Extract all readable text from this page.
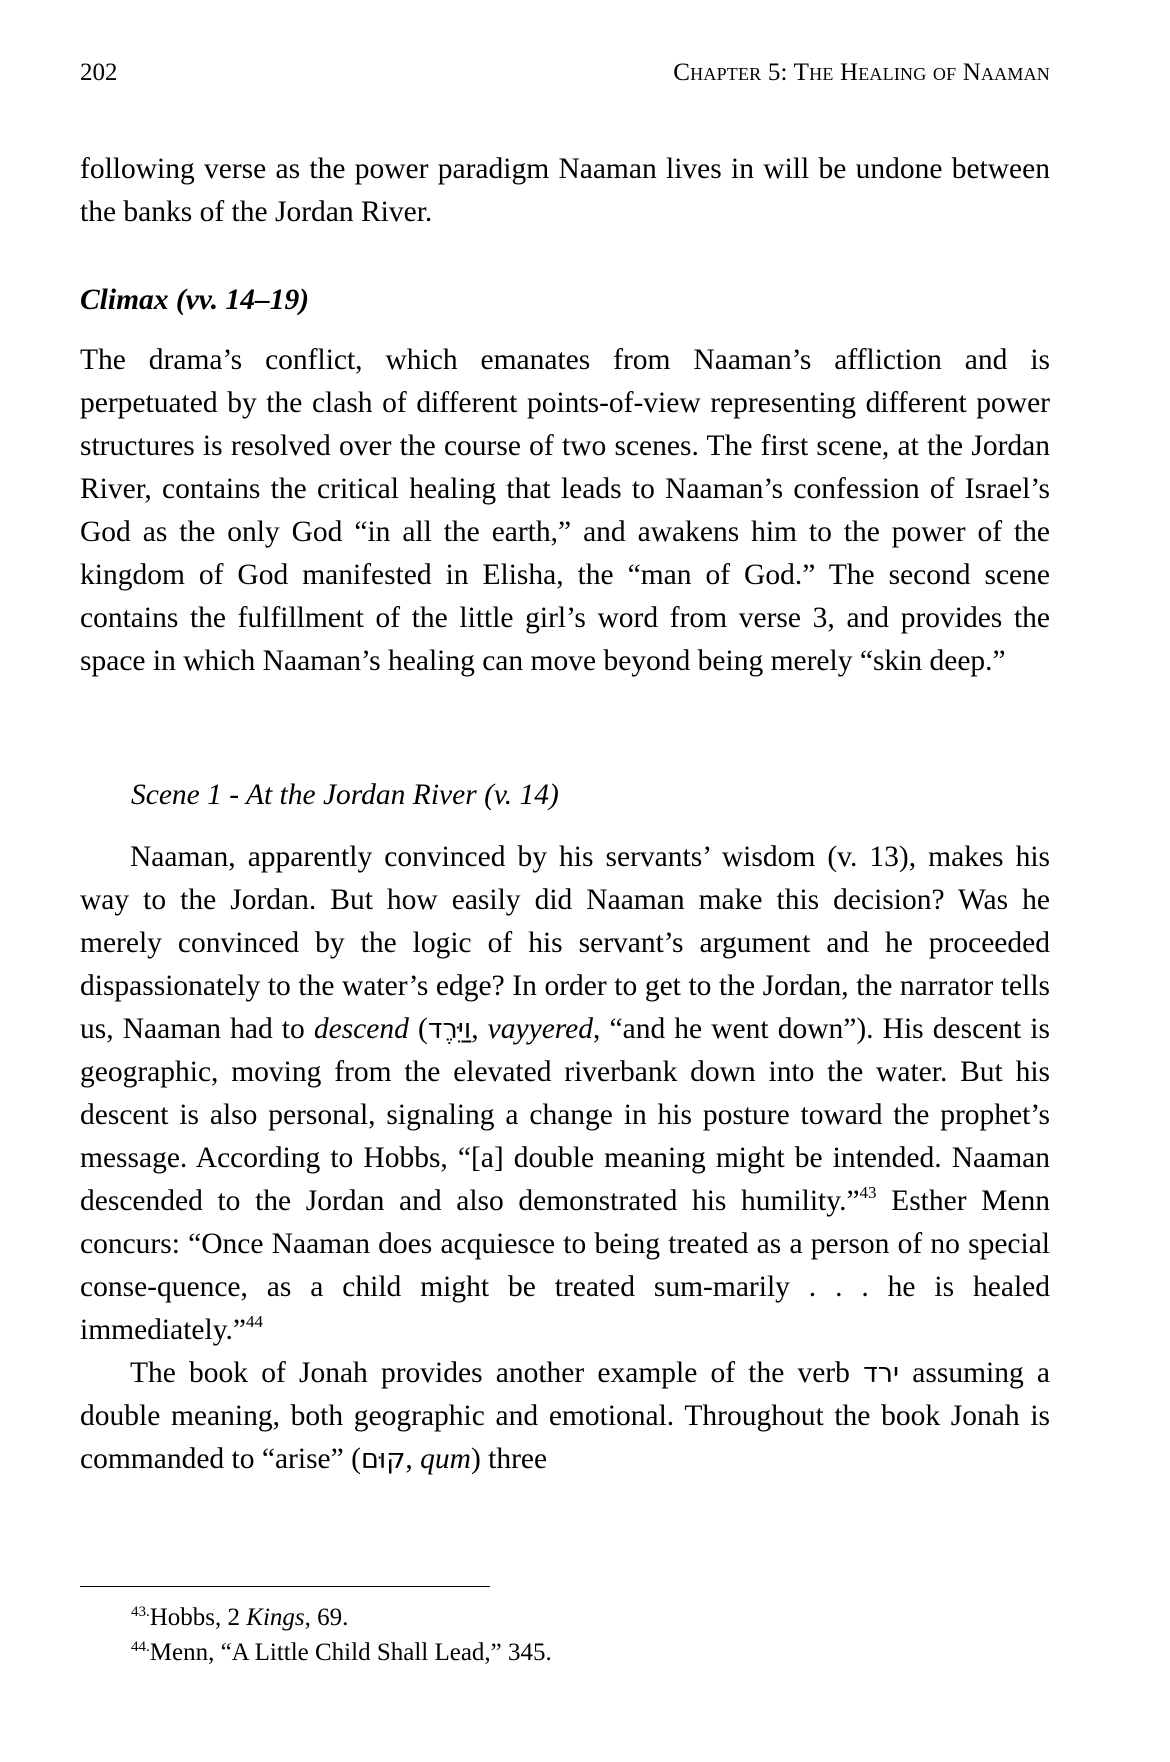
202	Chapter 5: The Healing of Naaman

following verse as the power paradigm Naaman lives in will be undone between the banks of the Jordan River.

Climax (vv. 14–19)

The drama’s conflict, which emanates from Naaman’s affliction and is perpetuated by the clash of different points-of-view representing different power structures is resolved over the course of two scenes. The first scene, at the Jordan River, contains the critical healing that leads to Naaman’s confession of Israel’s God as the only God “in all the earth,” and awakens him to the power of the kingdom of God manifested in Elisha, the “man of God.” The second scene contains the fulfillment of the little girl’s word from verse 3, and provides the space in which Naaman’s healing can move beyond being merely “skin deep.”

Scene 1 - At the Jordan River (v. 14)

Naaman, apparently convinced by his servants’ wisdom (v. 13), makes his way to the Jordan. But how easily did Naaman make this decision? Was he merely convinced by the logic of his servant’s argument and he proceeded dispassionately to the water’s edge? In order to get to the Jordan, the narrator tells us, Naaman had to descend (וַיֵּרֶד, vayyered, “and he went down”). His descent is geographic, moving from the elevated riverbank down into the water. But his descent is also personal, signaling a change in his posture toward the prophet’s message. According to Hobbs, “[a] double meaning might be intended. Naaman descended to the Jordan and also demonstrated his humility.”$^{43}$ Esther Menn concurs: “Once Naaman does acquiesce to being treated as a person of no special conse-quence, as a child might be treated sum-marily . . . he is healed immediately.”$^{44}$

The book of Jonah provides another example of the verb ירד assuming a double meaning, both geographic and emotional. Throughout the book Jonah is commanded to “arise” (קוּם, qum) three

$^{43.}$Hobbs, 2 Kings, 69.
$^{44.}$Menn, “A Little Child Shall Lead,” 345.
